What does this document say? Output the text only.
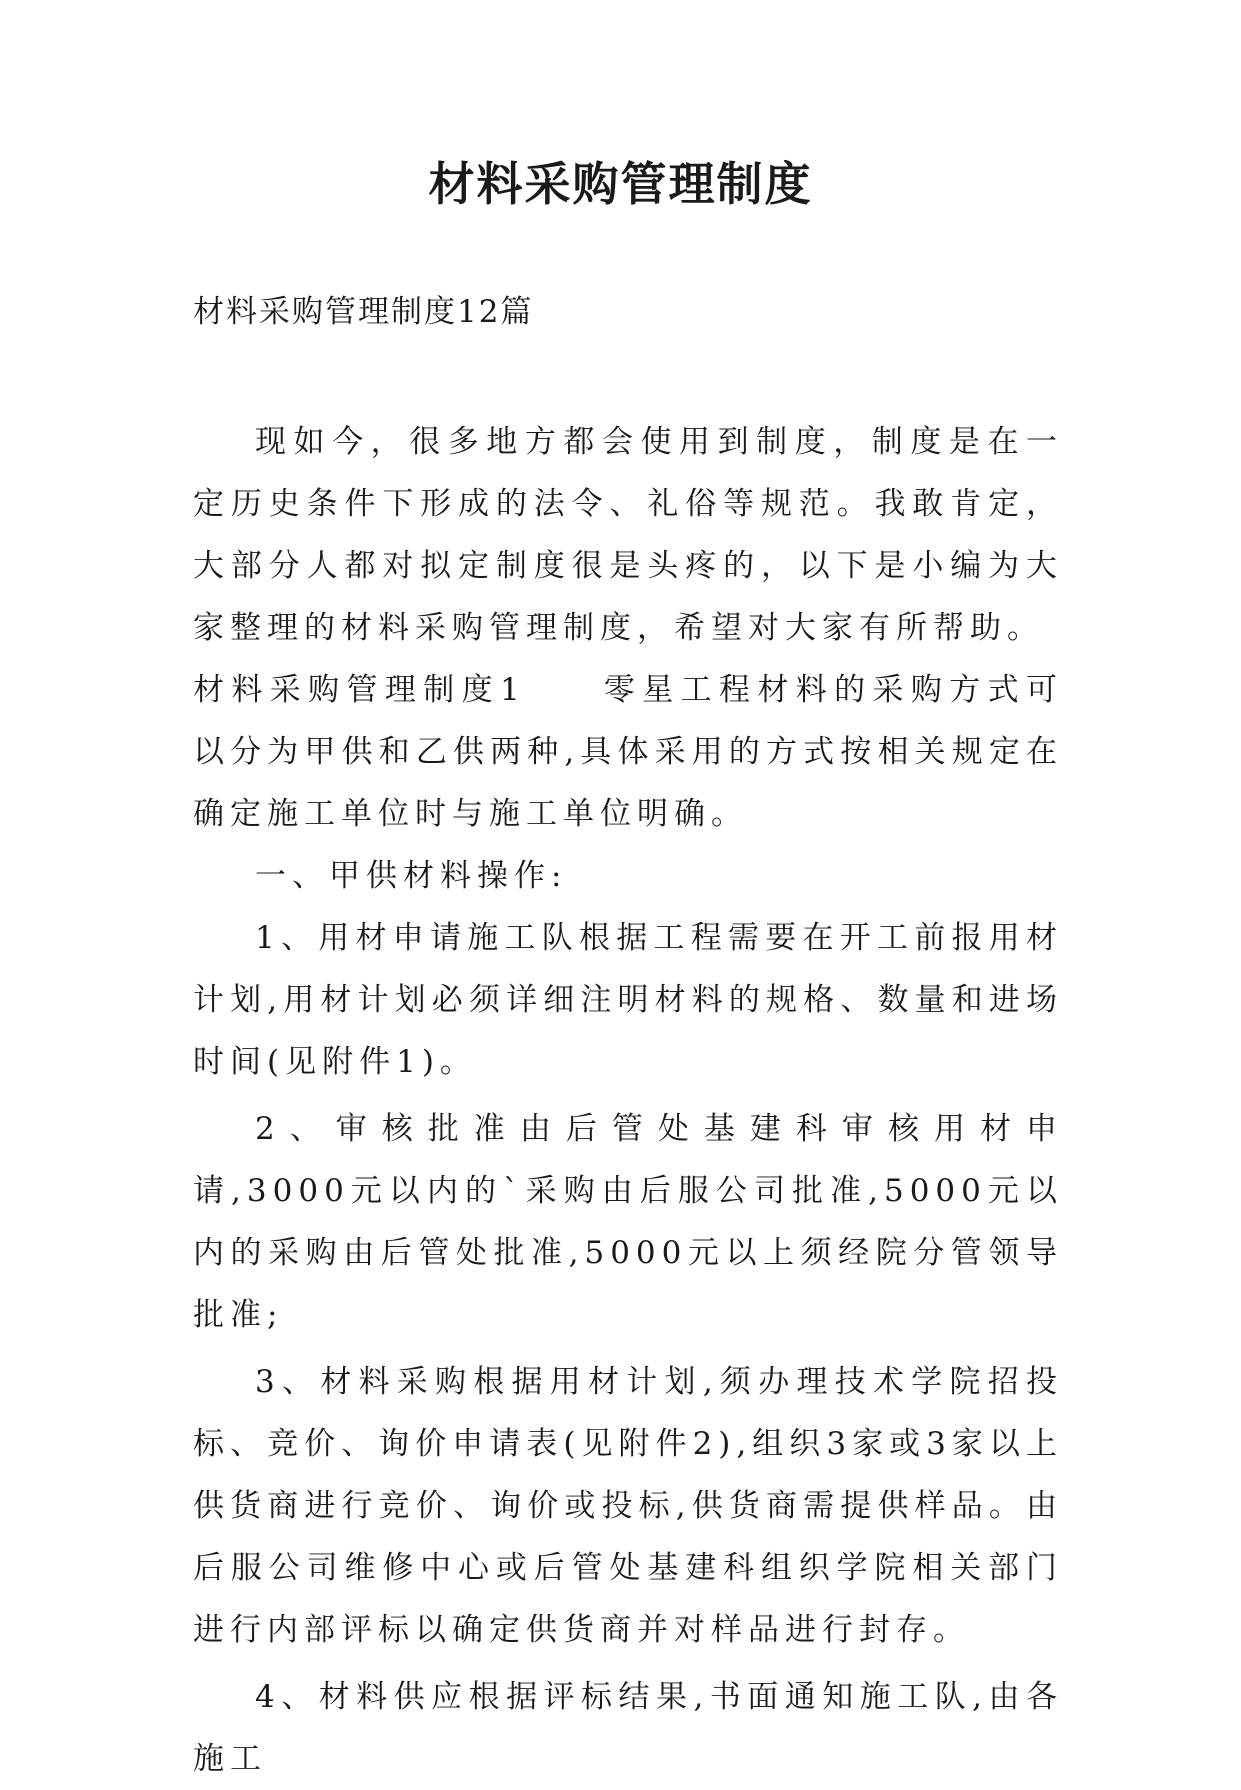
材料采购管理制度
材料采购管理制度12篇

现如今，很多地方都会使用到制度，制度是在一定历史条件下形成的法令、礼俗等规范。我敢肯定，大部分人都对拟定制度很是头疼的，以下是小编为大家整理的材料采购管理制度，希望对大家有所帮助。

材料采购管理制度1　　零星工程材料的采购方式可以分为甲供和乙供两种,具体采用的方式按相关规定在确定施工单位时与施工单位明确。

一、甲供材料操作:

1、用材申请施工队根据工程需要在开工前报用材计划,用材计划必须详细注明材料的规格、数量和进场时间(见附件1)。

2、审核批准由后管处基建科审核用材申请,3000元以内的`采购由后服公司批准,5000元以内的采购由后管处批准,5000元以上须经院分管领导批准;

3、材料采购根据用材计划,须办理技术学院招投标、竞价、询价申请表(见附件2),组织3家或3家以上供货商进行竞价、询价或投标,供货商需提供样品。由后服公司维修中心或后管处基建科组织学院相关部门进行内部评标以确定供货商并对样品进行封存。

4、材料供应根据评标结果,书面通知施工队,由各施工
